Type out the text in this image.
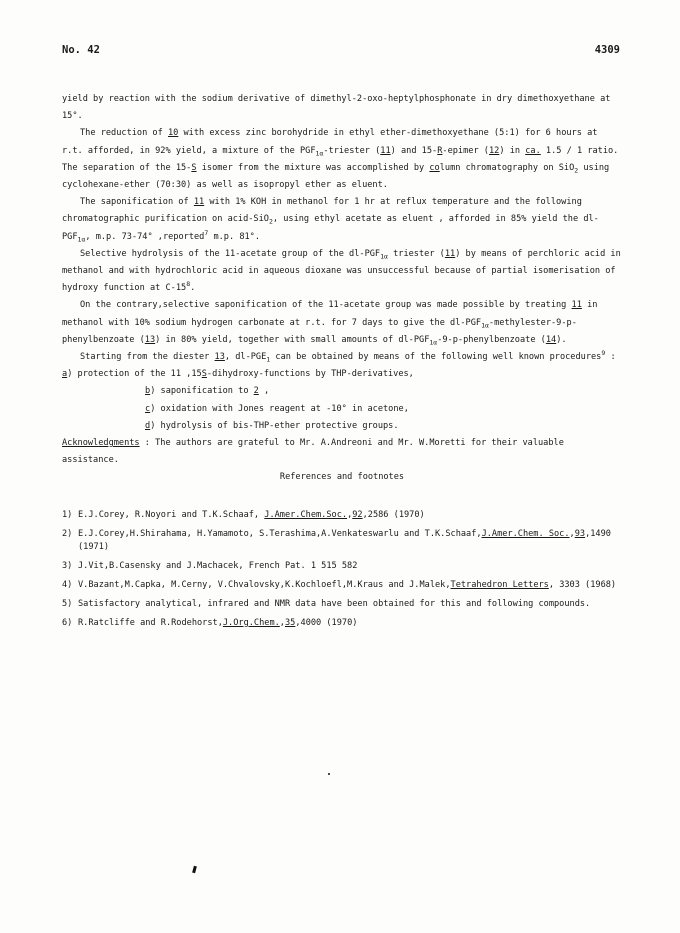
No. 42	4309

yield by reaction with the sodium derivative of dimethyl-2-oxo-heptylphosphonate in dry dimethoxyethane at 15°.

The reduction of 10 with excess zinc borohydride in ethyl ether-dimethoxyethane (5:1) for 6 hours at r.t. afforded, in 92% yield, a mixture of the $PGF_{1\alpha}$-triester (11) and 15-R-epimer (12) in ca. 1.5 / 1 ratio. The separation of the 15-S isomer from the mixture was accomplished by column chromatography on SiO$_2$ using cyclohexane-ether (70:30) as well as isopropyl ether as eluent.

The saponification of 11 with 1% KOH in methanol for 1 hr at reflux temperature and the following chromatographic purification on acid-SiO$_2$, using ethyl acetate as eluent , afforded in 85% yield the $dl-PGF_{1\alpha}$, m.p. 73-74° ,reported$^7$ m.p. 81°.

Selective hydrolysis of the 11-acetate group of the $dl-PGF_{1\alpha}$ triester (11) by means of perchloric acid in methanol and with hydrochloric acid in aqueous dioxane was unsuccessful because of partial isomerisation of hydroxy function at $C-15^8$.

On the contrary,selective saponification of the 11-acetate group was made possible by treating 11 in methanol with 10% sodium hydrogen carbonate at r.t. for 7 days to give the $dl-PGF_{1\alpha}-methylester-9-p$-phenylbenzoate (13) in 80% yield, together with small amounts of $dl-PGF_{1\alpha}-9-p$-phenylbenzoate (14).

Starting from the diester 13, $dl-PGE_1$ can be obtained by means of the following well known procedures$^9$ : a) protection of the 11 ,15S-dihydroxy-functions by THP-derivatives,

b) saponification to 2 ,
c) oxidation with Jones reagent at -10° in acetone,
d) hydrolysis of bis-THP-ether protective groups.

Acknowledgments : The authors are grateful to Mr. A.Andreoni and Mr. W.Moretti for their valuable assistance.

References and footnotes

1) E.J.Corey, R.Noyori and T.K.Schaaf, J.Amer.Chem.Soc.,92,2586 (1970)
2) E.J.Corey,H.Shirahama, H.Yamamoto, S.Terashima,A.Venkateswarlu and T.K.Schaaf,J.Amer.Chem. Soc.,93,1490 (1971)
3) J.Vit,B.Casensky and J.Machacek, French Pat. 1 515 582
4) V.Bazant,M.Capka, M.Cerny, V.Chvalovsky,K.Kochloefl,M.Kraus and J.Malek,Tetrahedron Letters, 3303 (1968)
5) Satisfactory analytical, infrared and NMR data have been obtained for this and following compounds.
6) R.Ratcliffe and R.Rodehorst,J.Org.Chem.,35,4000 (1970)
